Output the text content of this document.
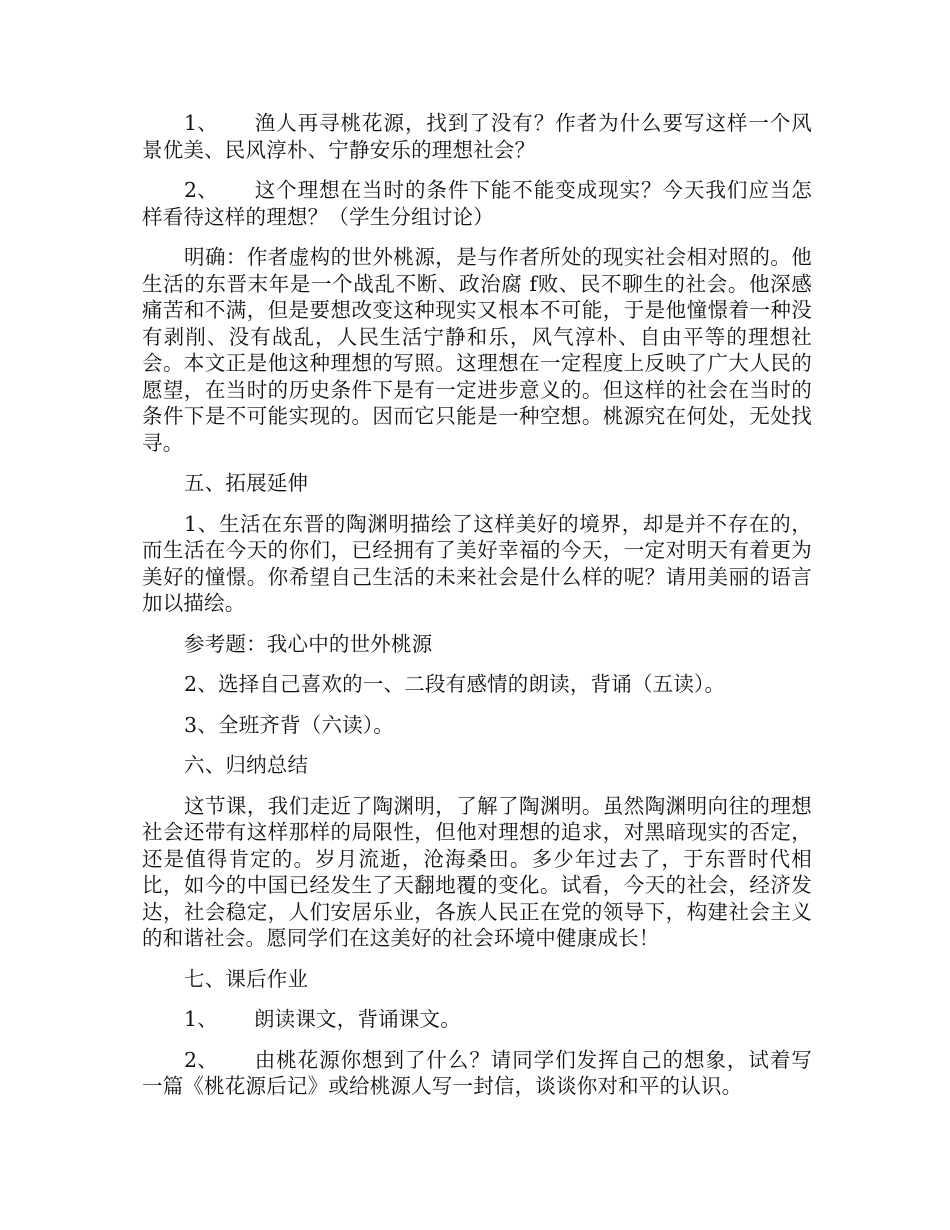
1、 渔人再寻桃花源，找到了没有？作者为什么要写这样一个风景优美、民风淳朴、宁静安乐的理想社会？

2、 这个理想在当时的条件下能不能变成现实？今天我们应当怎样看待这样的理想？（学生分组讨论）

明确：作者虚构的世外桃源，是与作者所处的现实社会相对照的。他生活的东晋末年是一个战乱不断、政治腐 f败、民不聊生的社会。他深感痛苦和不满，但是要想改变这种现实又根本不可能，于是他憧憬着一种没有剥削、没有战乱，人民生活宁静和乐，风气淳朴、自由平等的理想社会。本文正是他这种理想的写照。这理想在一定程度上反映了广大人民的愿望，在当时的历史条件下是有一定进步意义的。但这样的社会在当时的条件下是不可能实现的。因而它只能是一种空想。桃源究在何处，无处找寻。

五、拓展延伸

1、生活在东晋的陶渊明描绘了这样美好的境界，却是并不存在的，而生活在今天的你们，已经拥有了美好幸福的今天，一定对明天有着更为美好的憧憬。你希望自己生活的未来社会是什么样的呢？请用美丽的语言加以描绘。

参考题：我心中的世外桃源

2、选择自己喜欢的一、二段有感情的朗读，背诵（五读）。

3、全班齐背（六读）。

六、归纳总结

这节课，我们走近了陶渊明，了解了陶渊明。虽然陶渊明向往的理想社会还带有这样那样的局限性，但他对理想的追求，对黑暗现实的否定，还是值得肯定的。岁月流逝，沧海桑田。多少年过去了，于东晋时代相比，如今的中国已经发生了天翻地覆的变化。试看，今天的社会，经济发达，社会稳定，人们安居乐业，各族人民正在党的领导下，构建社会主义的和谐社会。愿同学们在这美好的社会环境中健康成长！

七、课后作业

1、 朗读课文，背诵课文。

2、 由桃花源你想到了什么？请同学们发挥自己的想象，试着写一篇《桃花源后记》或给桃源人写一封信，谈谈你对和平的认识。
